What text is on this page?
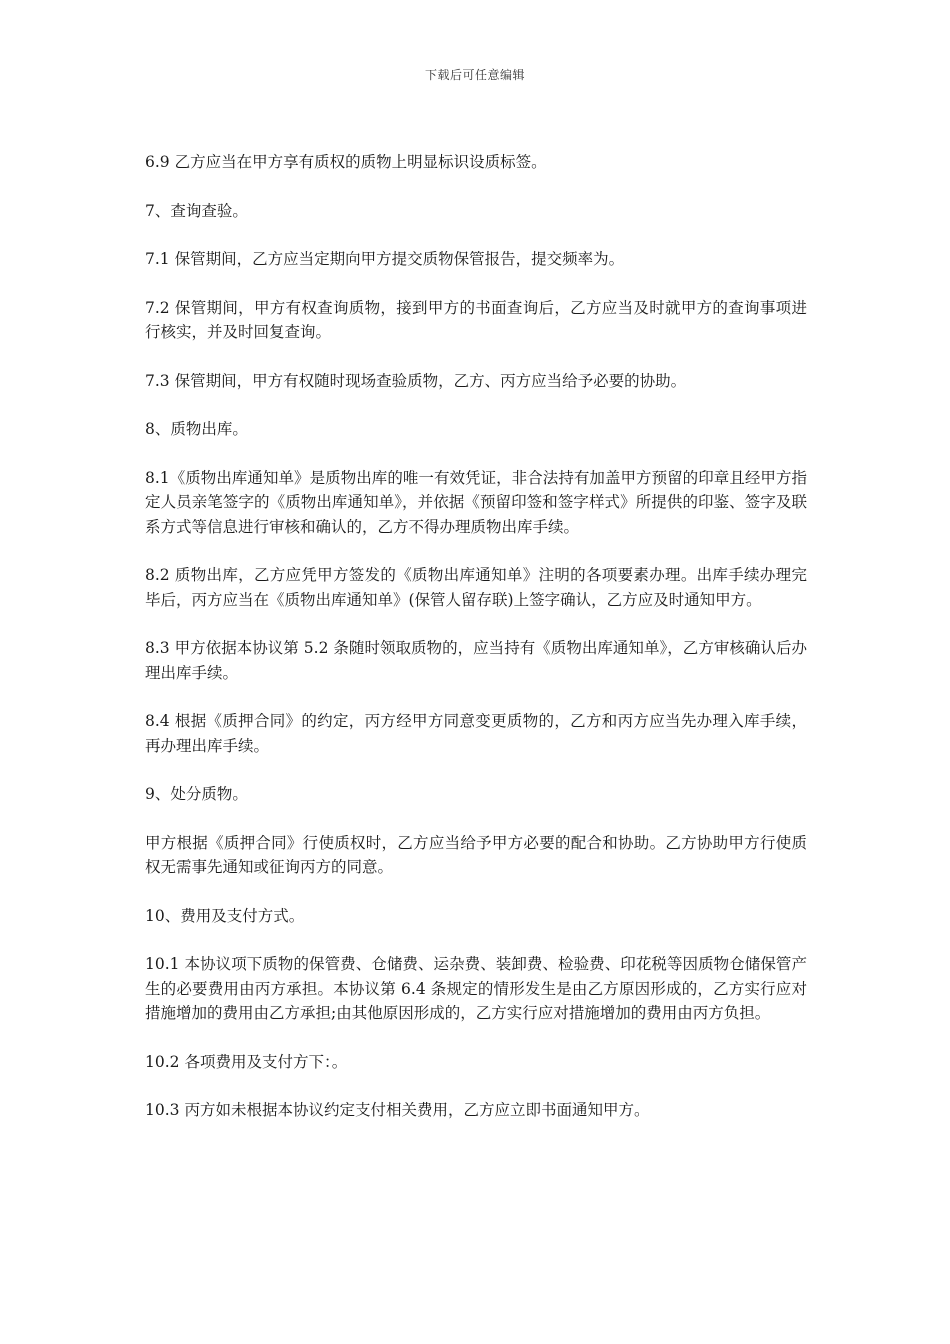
下载后可任意编辑

6.9 乙方应当在甲方享有质权的质物上明显标识设质标签。

7、查询查验。

7.1 保管期间，乙方应当定期向甲方提交质物保管报告，提交频率为。

7.2 保管期间，甲方有权查询质物，接到甲方的书面查询后，乙方应当及时就甲方的查询事项进行核实，并及时回复查询。

7.3 保管期间，甲方有权随时现场查验质物，乙方、丙方应当给予必要的协助。

8、质物出库。

8.1《质物出库通知单》是质物出库的唯一有效凭证，非合法持有加盖甲方预留的印章且经甲方指定人员亲笔签字的《质物出库通知单》，并依据《预留印签和签字样式》所提供的印鉴、签字及联系方式等信息进行审核和确认的，乙方不得办理质物出库手续。

8.2 质物出库，乙方应凭甲方签发的《质物出库通知单》注明的各项要素办理。出库手续办理完毕后，丙方应当在《质物出库通知单》(保管人留存联)上签字确认，乙方应及时通知甲方。

8.3 甲方依据本协议第 5.2 条随时领取质物的，应当持有《质物出库通知单》，乙方审核确认后办理出库手续。

8.4 根据《质押合同》的约定，丙方经甲方同意变更质物的，乙方和丙方应当先办理入库手续，再办理出库手续。

9、处分质物。

甲方根据《质押合同》行使质权时，乙方应当给予甲方必要的配合和协助。乙方协助甲方行使质权无需事先通知或征询丙方的同意。

10、费用及支付方式。

10.1 本协议项下质物的保管费、仓储费、运杂费、装卸费、检验费、印花税等因质物仓储保管产生的必要费用由丙方承担。本协议第 6.4 条规定的情形发生是由乙方原因形成的，乙方实行应对措施增加的费用由乙方承担;由其他原因形成的，乙方实行应对措施增加的费用由丙方负担。

10.2 各项费用及支付方下：。

10.3 丙方如未根据本协议约定支付相关费用，乙方应立即书面通知甲方。
